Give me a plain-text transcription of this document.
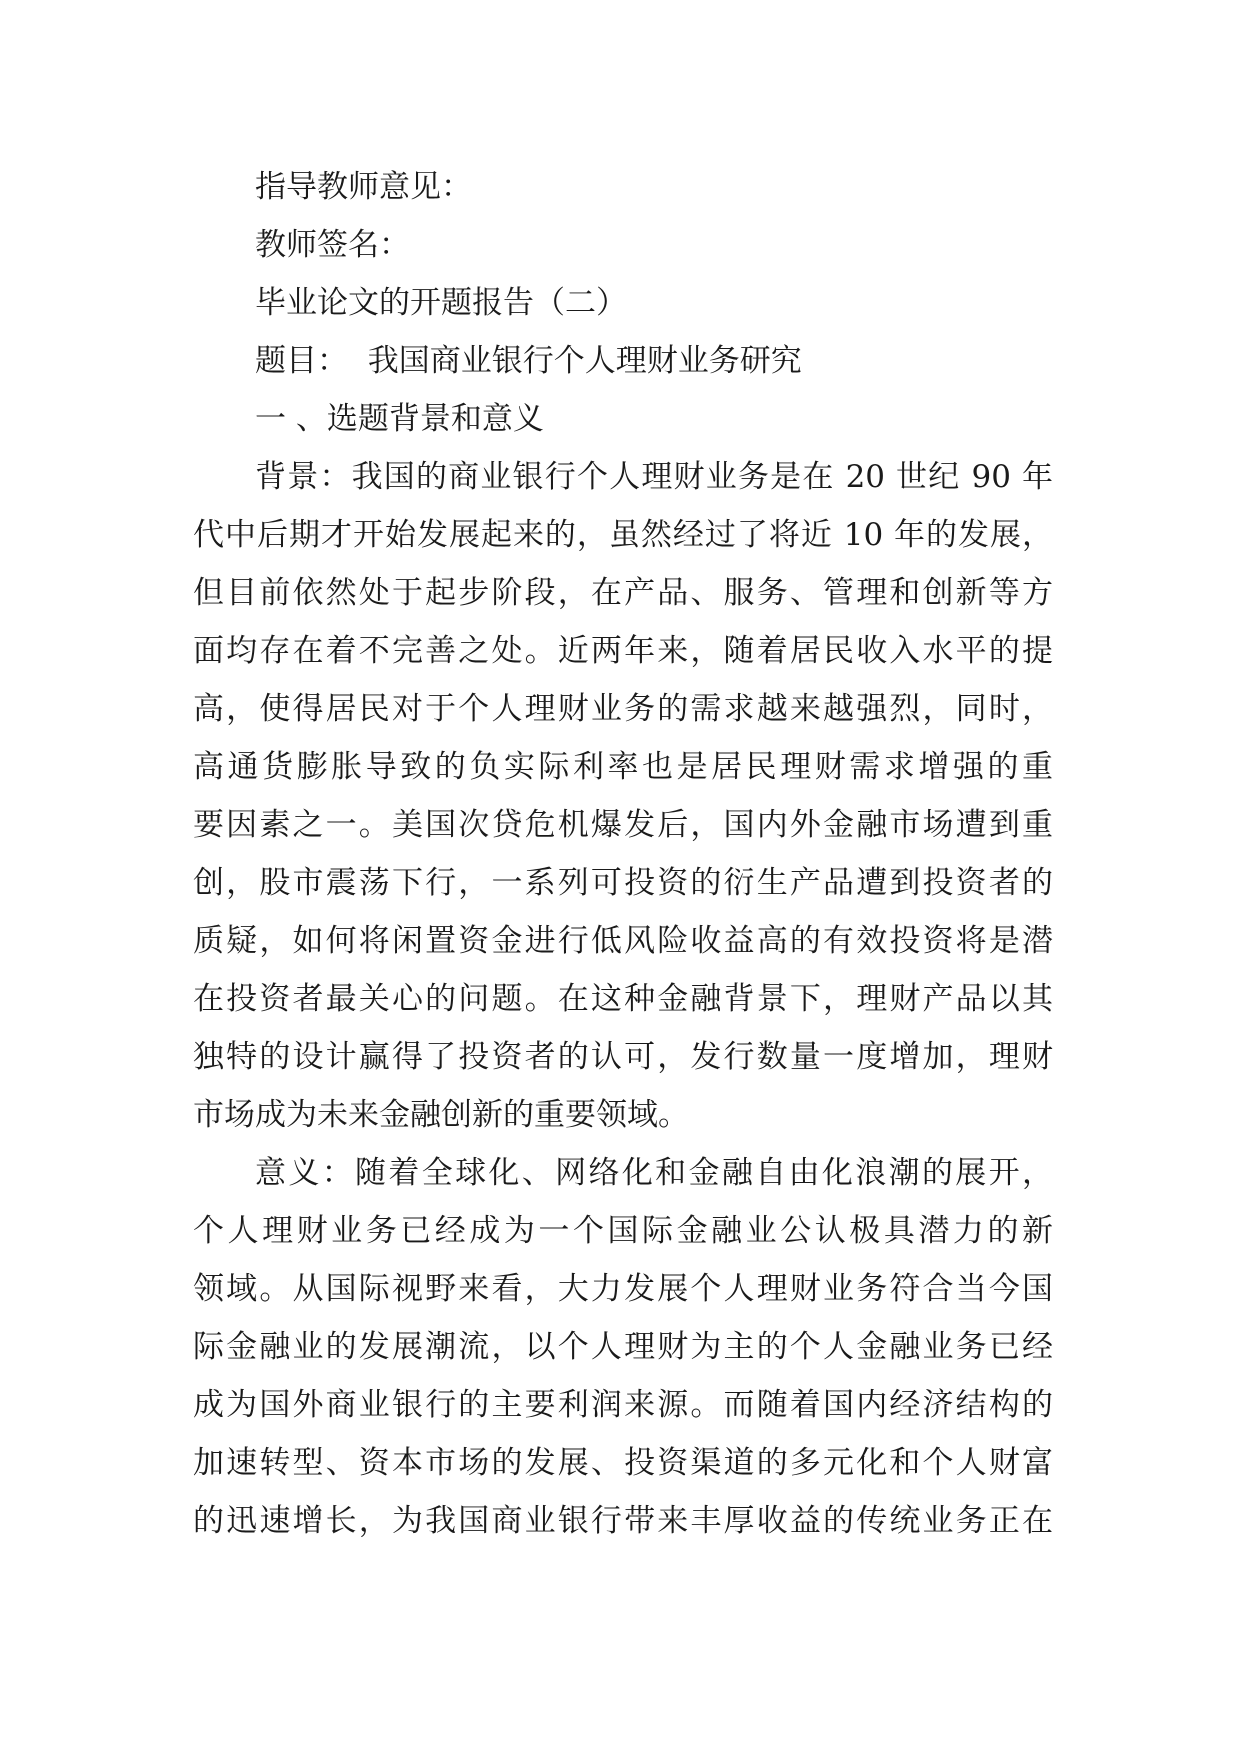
指导教师意见：

教师签名：

毕业论文的开题报告（二）

题目：  我国商业银行个人理财业务研究

一 、选题背景和意义

背景：我国的商业银行个人理财业务是在 20 世纪 90 年

代中后期才开始发展起来的，虽然经过了将近 10 年的发展，

但目前依然处于起步阶段，在产品、服务、管理和创新等方

面均存在着不完善之处。近两年来，随着居民收入水平的提

高，使得居民对于个人理财业务的需求越来越强烈，同时，

高通货膨胀导致的负实际利率也是居民理财需求增强的重

要因素之一。美国次贷危机爆发后，国内外金融市场遭到重

创，股市震荡下行，一系列可投资的衍生产品遭到投资者的

质疑，如何将闲置资金进行低风险收益高的有效投资将是潜

在投资者最关心的问题。在这种金融背景下，理财产品以其

独特的设计赢得了投资者的认可，发行数量一度增加，理财

市场成为未来金融创新的重要领域。

意义：随着全球化、网络化和金融自由化浪潮的展开，

个人理财业务已经成为一个国际金融业公认极具潜力的新

领域。从国际视野来看，大力发展个人理财业务符合当今国

际金融业的发展潮流，以个人理财为主的个人金融业务已经

成为国外商业银行的主要利润来源。而随着国内经济结构的

加速转型、资本市场的发展、投资渠道的多元化和个人财富

的迅速增长，为我国商业银行带来丰厚收益的传统业务正在
